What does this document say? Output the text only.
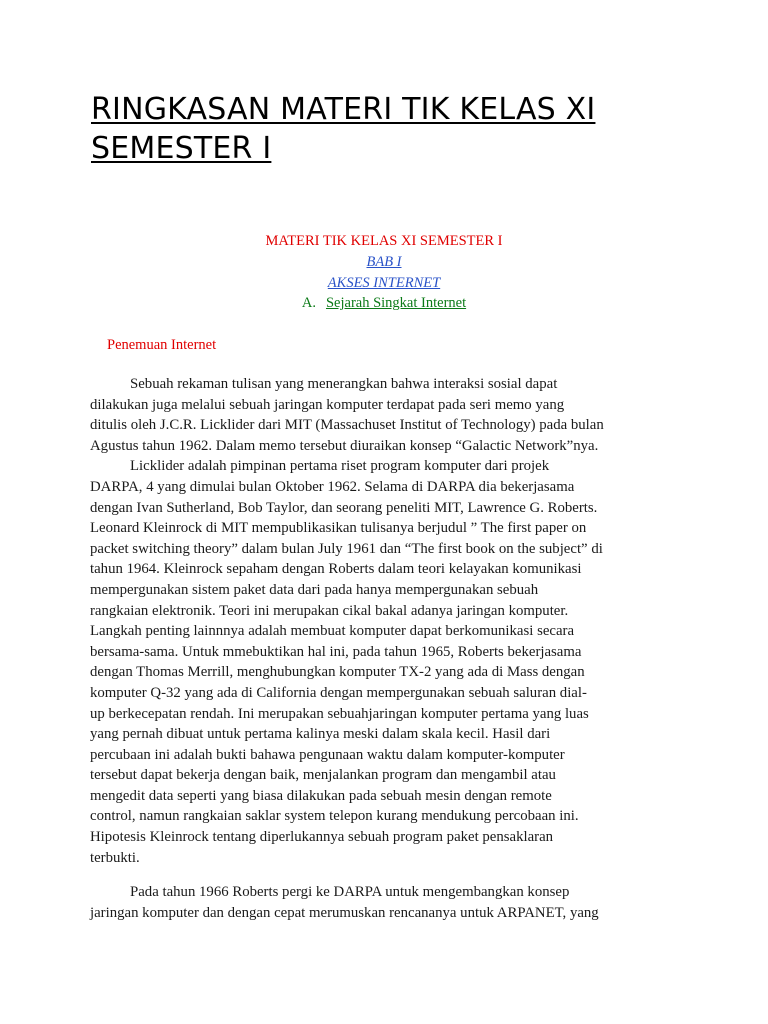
RINGKASAN MATERI TIK KELAS XI
SEMESTER I
MATERI TIK KELAS XI SEMESTER I
BAB I
AKSES INTERNET
A. Sejarah Singkat Internet
Penemuan Internet
Sebuah rekaman tulisan yang menerangkan bahwa interaksi sosial dapat
dilakukan juga melalui sebuah jaringan komputer terdapat pada seri memo yang
ditulis oleh J.C.R. Licklider dari MIT (Massachuset Institut of Technology) pada bulan
Agustus tahun 1962. Dalam memo tersebut diuraikan konsep “Galactic Network”nya.
Licklider adalah pimpinan pertama riset program komputer dari projek
DARPA, 4 yang dimulai bulan Oktober 1962. Selama di DARPA dia bekerjasama
dengan Ivan Sutherland, Bob Taylor, dan seorang peneliti MIT, Lawrence G. Roberts.
Leonard Kleinrock di MIT mempublikasikan tulisanya berjudul ” The first paper on
packet switching theory” dalam bulan July 1961 dan “The first book on the subject” di
tahun 1964. Kleinrock sepaham dengan Roberts dalam teori kelayakan komunikasi
mempergunakan sistem paket data dari pada hanya mempergunakan sebuah
rangkaian elektronik. Teori ini merupakan cikal bakal adanya jaringan komputer.
Langkah penting lainnnya adalah membuat komputer dapat berkomunikasi secara
bersama-sama. Untuk mmebuktikan hal ini, pada tahun 1965, Roberts bekerjasama
dengan Thomas Merrill, menghubungkan komputer TX-2 yang ada di Mass dengan
komputer Q-32 yang ada di California dengan mempergunakan sebuah saluran dial-
up berkecepatan rendah. Ini merupakan sebuahjaringan komputer pertama yang luas
yang pernah dibuat untuk pertama kalinya meski dalam skala kecil. Hasil dari
percubaan ini adalah bukti bahawa pengunaan waktu dalam komputer-komputer
tersebut dapat bekerja dengan baik, menjalankan program dan mengambil atau
mengedit data seperti yang biasa dilakukan pada sebuah mesin dengan remote
control, namun rangkaian saklar system telepon kurang mendukung percobaan ini.
Hipotesis Kleinrock tentang diperlukannya sebuah program paket pensaklaran
terbukti.
Pada tahun 1966 Roberts pergi ke DARPA untuk mengembangkan konsep
jaringan komputer dan dengan cepat merumuskan rencananya untuk ARPANET, yang
